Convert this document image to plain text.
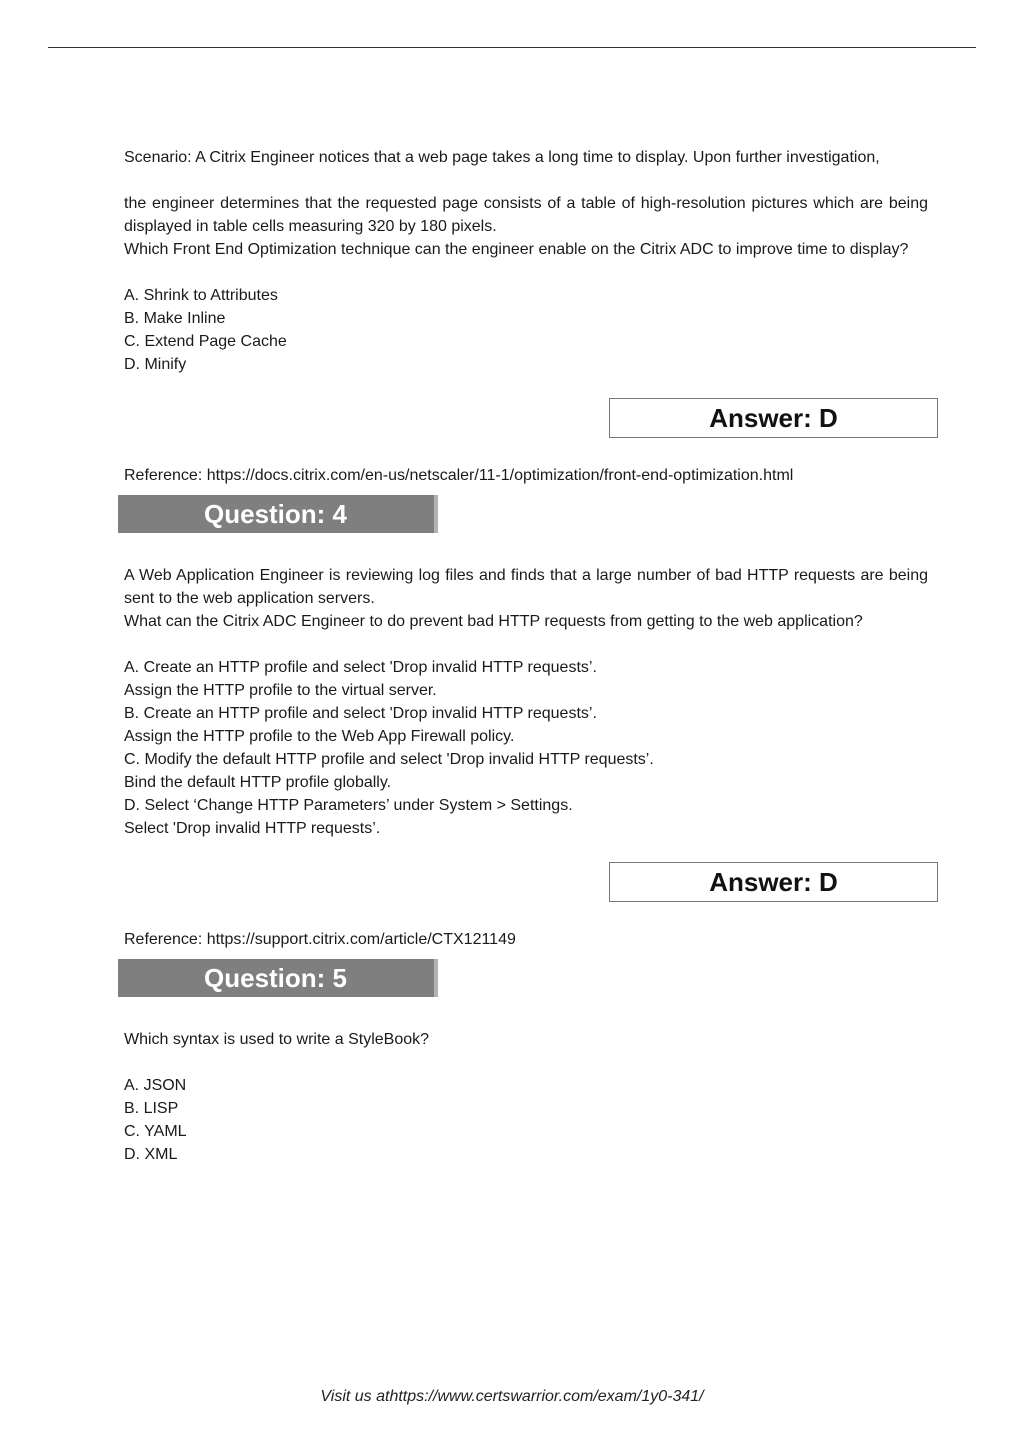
Scenario: A Citrix Engineer notices that a web page takes a long time to display. Upon further investigation,

the engineer determines that the requested page consists of a table of high-resolution pictures which are being displayed in table cells measuring 320 by 180 pixels.

Which Front End Optimization technique can the engineer enable on the Citrix ADC to improve time to display?

A. Shrink to Attributes

B. Make Inline

C. Extend Page Cache

D. Minify

Answer: D

Reference: https://docs.citrix.com/en-us/netscaler/11-1/optimization/front-end-optimization.html

Question: 4

A Web Application Engineer is reviewing log files and finds that a large number of bad HTTP requests are being sent to the web application servers.

What can the Citrix ADC Engineer to do prevent bad HTTP requests from getting to the web application?

A. Create an HTTP profile and select 'Drop invalid HTTP requests’.

Assign the HTTP profile to the virtual server.

B. Create an HTTP profile and select 'Drop invalid HTTP requests’.

Assign the HTTP profile to the Web App Firewall policy.

C. Modify the default HTTP profile and select 'Drop invalid HTTP requests’.

Bind the default HTTP profile globally.

D. Select ‘Change HTTP Parameters’ under System > Settings.

Select 'Drop invalid HTTP requests’.

Answer: D

Reference: https://support.citrix.com/article/CTX121149

Question: 5

Which syntax is used to write a StyleBook?

A. JSON

B. LISP

C. YAML

D. XML

Visit us athttps://www.certswarrior.com/exam/1y0-341/
